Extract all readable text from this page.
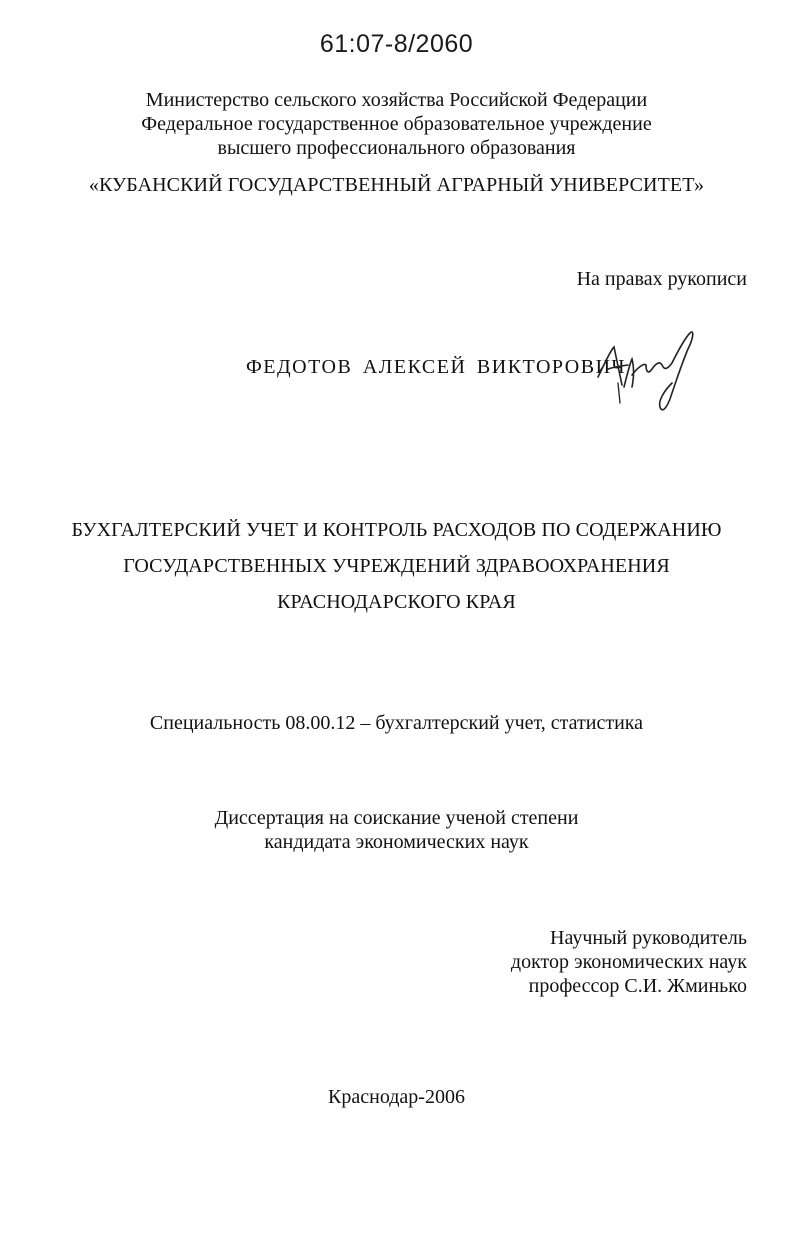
61:07-8/2060
Министерство сельского хозяйства Российской Федерации
Федеральное государственное образовательное учреждение
высшего профессионального образования
«КУБАНСКИЙ ГОСУДАРСТВЕННЫЙ АГРАРНЫЙ УНИВЕРСИТЕТ»
На правах рукописи
ФЕДОТОВ АЛЕКСЕЙ ВИКТОРОВИЧ
БУХГАЛТЕРСКИЙ УЧЕТ И КОНТРОЛЬ РАСХОДОВ ПО СОДЕРЖАНИЮ
ГОСУДАРСТВЕННЫХ УЧРЕЖДЕНИЙ ЗДРАВООХРАНЕНИЯ
КРАСНОДАРСКОГО КРАЯ
Специальность 08.00.12 – бухгалтерский учет, статистика
Диссертация на соискание ученой степени
кандидата экономических наук
Научный руководитель
доктор экономических наук
профессор С.И. Жминько
Краснодар-2006
